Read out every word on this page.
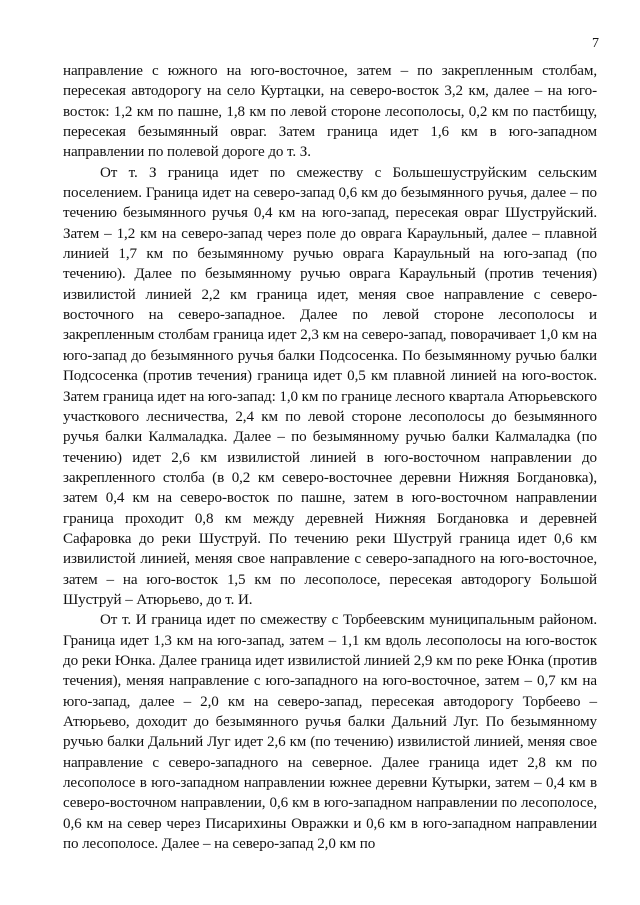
7

направление с южного на юго-восточное, затем – по закрепленным столбам, пересекая автодорогу на село Куртацки, на северо-восток 3,2 км, далее – на юго-восток: 1,2 км по пашне, 1,8 км по левой стороне лесополосы, 0,2 км по пастбищу, пересекая безымянный овраг. Затем граница идет 1,6 км в юго-западном направлении по полевой дороге до т. З.

От т. З граница идет по смежеству с Большешуструйским сельским поселением. Граница идет на северо-запад 0,6 км до безымянного ручья, далее – по течению безымянного ручья 0,4 км на юго-запад, пересекая овраг Шуструйский. Затем – 1,2 км на северо-запад через поле до оврага Караульный, далее – плавной линией 1,7 км по безымянному ручью оврага Караульный на юго-запад (по течению). Далее по безымянному ручью оврага Караульный (против течения) извилистой линией 2,2 км граница идет, меняя свое направление с северо-восточного на северо-западное. Далее по левой стороне лесополосы и закрепленным столбам граница идет 2,3 км на северо-запад, поворачивает 1,0 км на юго-запад до безымянного ручья балки Подсосенка. По безымянному ручью балки Подсосенка (против течения) граница идет 0,5 км плавной линией на юго-восток. Затем граница идет на юго-запад: 1,0 км по границе лесного квартала Атюрьевского участкового лесничества, 2,4 км по левой стороне лесополосы до безымянного ручья балки Калмаладка. Далее – по безымянному ручью балки Калмаладка (по течению) идет 2,6 км извилистой линией в юго-восточном направлении до закрепленного столба (в 0,2 км северо-восточнее деревни Нижняя Богдановка), затем 0,4 км на северо-восток по пашне, затем в юго-восточном направлении граница проходит 0,8 км между деревней Нижняя Богдановка и деревней Сафаровка до реки Шуструй. По течению реки Шуструй граница идет 0,6 км извилистой линией, меняя свое направление с северо-западного на юго-восточное, затем – на юго-восток 1,5 км по лесополосе, пересекая автодорогу Большой Шуструй – Атюрьево, до т. И.

От т. И граница идет по смежеству с Торбеевским муниципальным районом. Граница идет 1,3 км на юго-запад, затем – 1,1 км вдоль лесополосы на юго-восток до реки Юнка. Далее граница идет извилистой линией 2,9 км по реке Юнка (против течения), меняя направление с юго-западного на юго-восточное, затем – 0,7 км на юго-запад, далее – 2,0 км на северо-запад, пересекая автодорогу Торбеево – Атюрьево, доходит до безымянного ручья балки Дальний Луг. По безымянному ручью балки Дальний Луг идет 2,6 км (по течению) извилистой линией, меняя свое направление с северо-западного на северное. Далее граница идет 2,8 км по лесополосе в юго-западном направлении южнее деревни Кутырки, затем – 0,4 км в северо-восточном направлении, 0,6 км в юго-западном направлении по лесополосе, 0,6 км на север через Писарихины Овражки и 0,6 км в юго-западном направлении по лесополосе. Далее – на северо-запад 2,0 км по
